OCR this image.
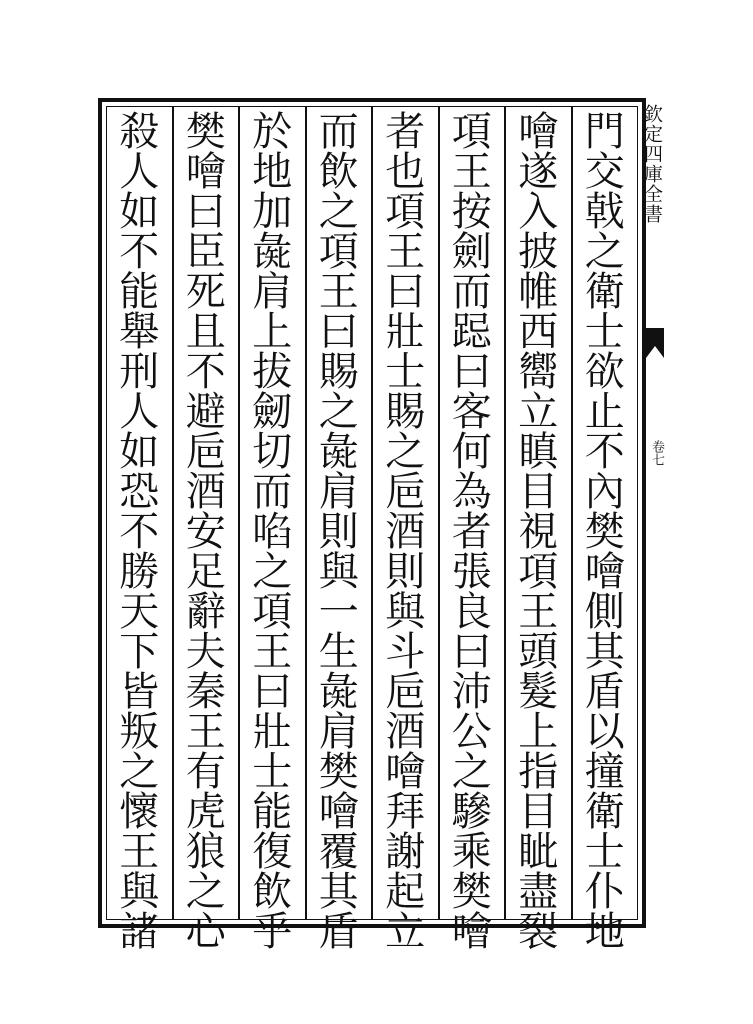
欽定四庫全書
卷七
門
交
戟
之
衛
士
欲
止
不
內
樊
噲
側
其
盾
以
撞
衛
士
仆
地
噲
遂
入
披
帷
西
嚮
立
瞋
目
視
項
王
頭
髮
上
指
目
眦
盡
裂
項
王
按
劍
而
跽
曰
客
何
為
者
張
良
曰
沛
公
之
驂
乘
樊
噲
者
也
項
王
曰
壯
士
賜
之
巵
酒
則
與
斗
巵
酒
噲
拜
謝
起
立
而
飲
之
項
王
曰
賜
之
彘
肩
則
與
一
生
彘
肩
樊
噲
覆
其
盾
於
地
加
彘
肩
上
拔
劒
切
而
啗
之
項
王
曰
壯
士
能
復
飲
乎
樊
噲
曰
臣
死
且
不
避
巵
酒
安
足
辭
夫
秦
王
有
虎
狼
之
心
殺
人
如
不
能
舉
刑
人
如
恐
不
勝
天
下
皆
叛
之
懷
王
與
諸
